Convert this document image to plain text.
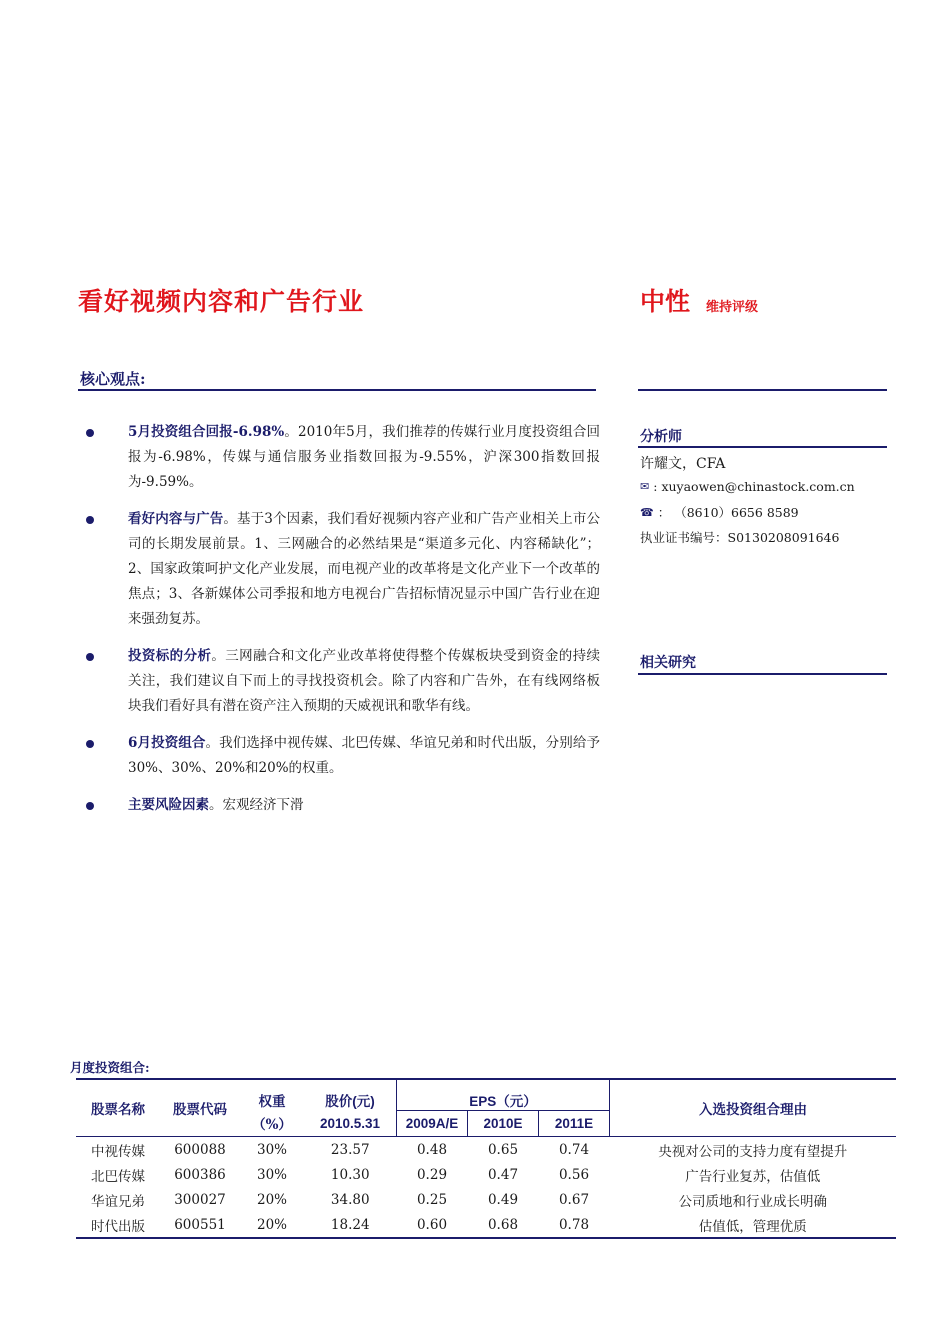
看好视频内容和广告行业	中性 维持评级
核心观点:
5月投资组合回报-6.98%。2010年5月，我们推荐的传媒行业月度投资组合回报为-6.98%，传媒与通信服务业指数回报为-9.55%，沪深300指数回报为-9.59%。
看好内容与广告。基于3个因素，我们看好视频内容产业和广告产业相关上市公司的长期发展前景。1、三网融合的必然结果是“渠道多元化、内容稀缺化”；2、国家政策呵护文化产业发展，而电视产业的改革将是文化产业下一个改革的焦点；3、各新媒体公司季报和地方电视台广告招标情况显示中国广告行业在迎来强劲复苏。
投资标的分析。三网融合和文化产业改革将使得整个传媒板块受到资金的持续关注，我们建议自下而上的寻找投资机会。除了内容和广告外，在有线网络板块我们看好具有潜在资产注入预期的天威视讯和歌华有线。
6月投资组合。我们选择中视传媒、北巴传媒、华谊兄弟和时代出版，分别给予30%、30%、20%和20%的权重。
主要风险因素。宏观经济下滑
分析师
许耀文，CFA
✉ : xuyaowen@chinastock.com.cn
☎ ： （8610）6656 8589
执业证书编号： S0130208091646
相关研究
月度投资组合:
股票名称	股票代码	权重	股价(元)	EPS（元）			入选投资组合理由
		（%）	2010.5.31	2009A/E	2010E	2011E	
中视传媒	600088	30%	23.57	0.48	0.65	0.74	央视对公司的支持力度有望提升
北巴传媒	600386	30%	10.30	0.29	0.47	0.56	广告行业复苏，估值低
华谊兄弟	300027	20%	34.80	0.25	0.49	0.67	公司质地和行业成长明确
时代出版	600551	20%	18.24	0.60	0.68	0.78	估值低，管理优质
